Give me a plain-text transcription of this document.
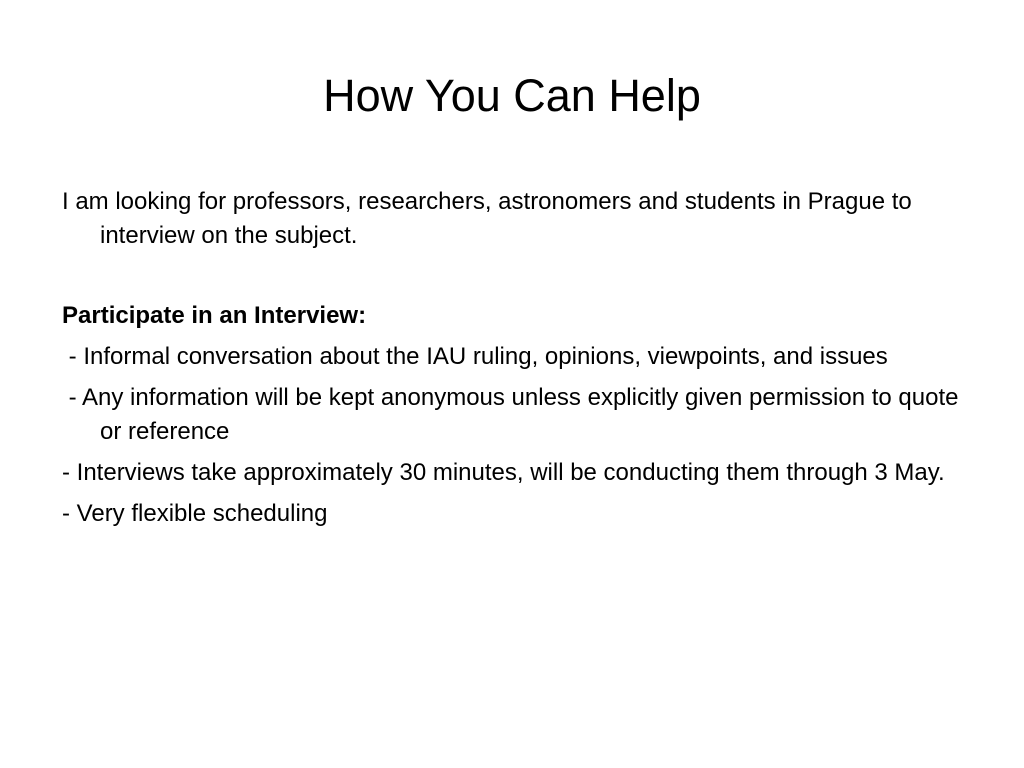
How You Can Help

I am looking for professors, researchers, astronomers and students in Prague to interview on the subject.

Participate in an Interview:

- Informal conversation about the IAU ruling, opinions, viewpoints, and issues

- Any information will be kept anonymous unless explicitly given permission to quote or reference

- Interviews take approximately 30 minutes, will be conducting them through 3 May.

- Very flexible scheduling
